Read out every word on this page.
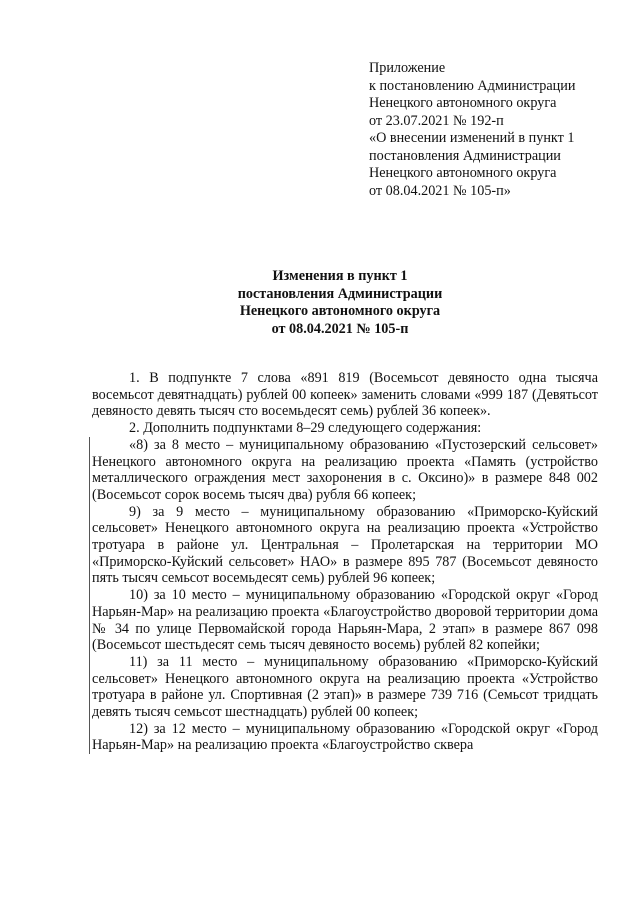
Приложение
к постановлению Администрации
Ненецкого автономного округа
от 23.07.2021 № 192-п
«О внесении изменений в пункт 1
постановления Администрации
Ненецкого автономного округа
от 08.04.2021 № 105-п»
Изменения в пункт 1
постановления Администрации
Ненецкого автономного округа
от 08.04.2021 № 105-п

1. В подпункте 7 слова «891 819 (Восемьсот девяносто одна тысяча восемьсот девятнадцать) рублей 00 копеек» заменить словами «999 187 (Девятьсот девяносто девять тысяч сто восемьдесят семь) рублей 36 копеек».

2. Дополнить подпунктами 8–29 следующего содержания:

«8) за 8 место – муниципальному образованию «Пустозерский сельсовет» Ненецкого автономного округа на реализацию проекта «Память (устройство металлического ограждения мест захоронения в с. Оксино)» в размере 848 002 (Восемьсот сорок восемь тысяч два) рубля 66 копеек;

9) за 9 место – муниципальному образованию «Приморско-Куйский сельсовет» Ненецкого автономного округа на реализацию проекта «Устройство тротуара в районе ул. Центральная – Пролетарская на территории МО «Приморско-Куйский сельсовет» НАО» в размере 895 787 (Восемьсот девяносто пять тысяч семьсот восемьдесят семь) рублей 96 копеек;

10) за 10 место – муниципальному образованию «Городской округ «Город Нарьян-Мар» на реализацию проекта «Благоустройство дворовой территории дома № 34 по улице Первомайской города Нарьян-Мара, 2 этап» в размере 867 098 (Восемьсот шестьдесят семь тысяч девяносто восемь) рублей 82 копейки;

11) за 11 место – муниципальному образованию «Приморско-Куйский сельсовет» Ненецкого автономного округа на реализацию проекта «Устройство тротуара в районе ул. Спортивная (2 этап)» в размере 739 716 (Семьсот тридцать девять тысяч семьсот шестнадцать) рублей 00 копеек;

12) за 12 место – муниципальному образованию «Городской округ «Город Нарьян-Мар» на реализацию проекта «Благоустройство сквера
